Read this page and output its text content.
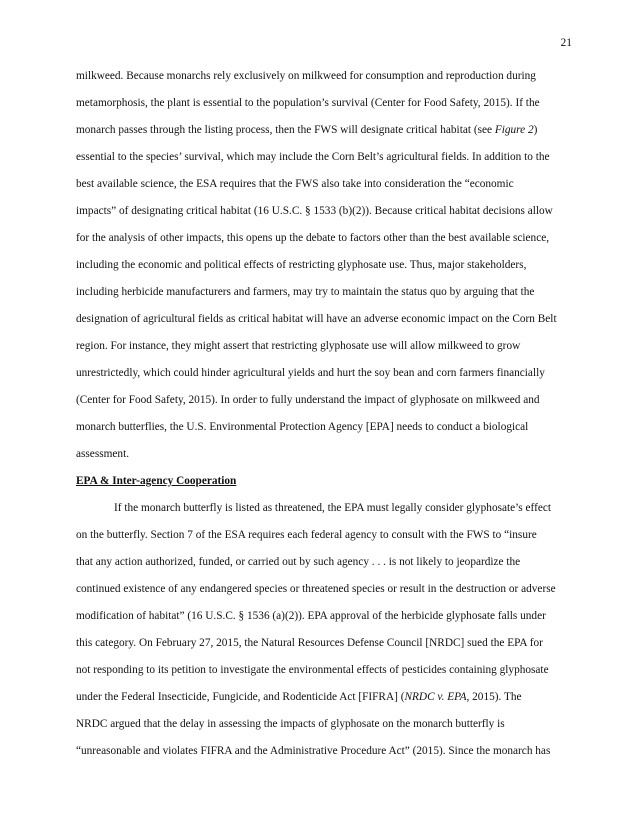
21
milkweed. Because monarchs rely exclusively on milkweed for consumption and reproduction during
metamorphosis, the plant is essential to the population’s survival (Center for Food Safety, 2015). If the
monarch passes through the listing process, then the FWS will designate critical habitat (see Figure 2)
essential to the species’ survival, which may include the Corn Belt’s agricultural fields. In addition to the
best available science, the ESA requires that the FWS also take into consideration the “economic
impacts” of designating critical habitat (16 U.S.C. § 1533 (b)(2)). Because critical habitat decisions allow
for the analysis of other impacts, this opens up the debate to factors other than the best available science,
including the economic and political effects of restricting glyphosate use. Thus, major stakeholders,
including herbicide manufacturers and farmers, may try to maintain the status quo by arguing that the
designation of agricultural fields as critical habitat will have an adverse economic impact on the Corn Belt
region. For instance, they might assert that restricting glyphosate use will allow milkweed to grow
unrestrictedly, which could hinder agricultural yields and hurt the soy bean and corn farmers financially
(Center for Food Safety, 2015). In order to fully understand the impact of glyphosate on milkweed and
monarch butterflies, the U.S. Environmental Protection Agency [EPA] needs to conduct a biological
assessment.
EPA & Inter-agency Cooperation
If the monarch butterfly is listed as threatened, the EPA must legally consider glyphosate’s effect
on the butterfly. Section 7 of the ESA requires each federal agency to consult with the FWS to “insure
that any action authorized, funded, or carried out by such agency . . . is not likely to jeopardize the
continued existence of any endangered species or threatened species or result in the destruction or adverse
modification of habitat” (16 U.S.C. § 1536 (a)(2)). EPA approval of the herbicide glyphosate falls under
this category. On February 27, 2015, the Natural Resources Defense Council [NRDC] sued the EPA for
not responding to its petition to investigate the environmental effects of pesticides containing glyphosate
under the Federal Insecticide, Fungicide, and Rodenticide Act [FIFRA] (NRDC v. EPA, 2015). The
NRDC argued that the delay in assessing the impacts of glyphosate on the monarch butterfly is
“unreasonable and violates FIFRA and the Administrative Procedure Act” (2015). Since the monarch has
